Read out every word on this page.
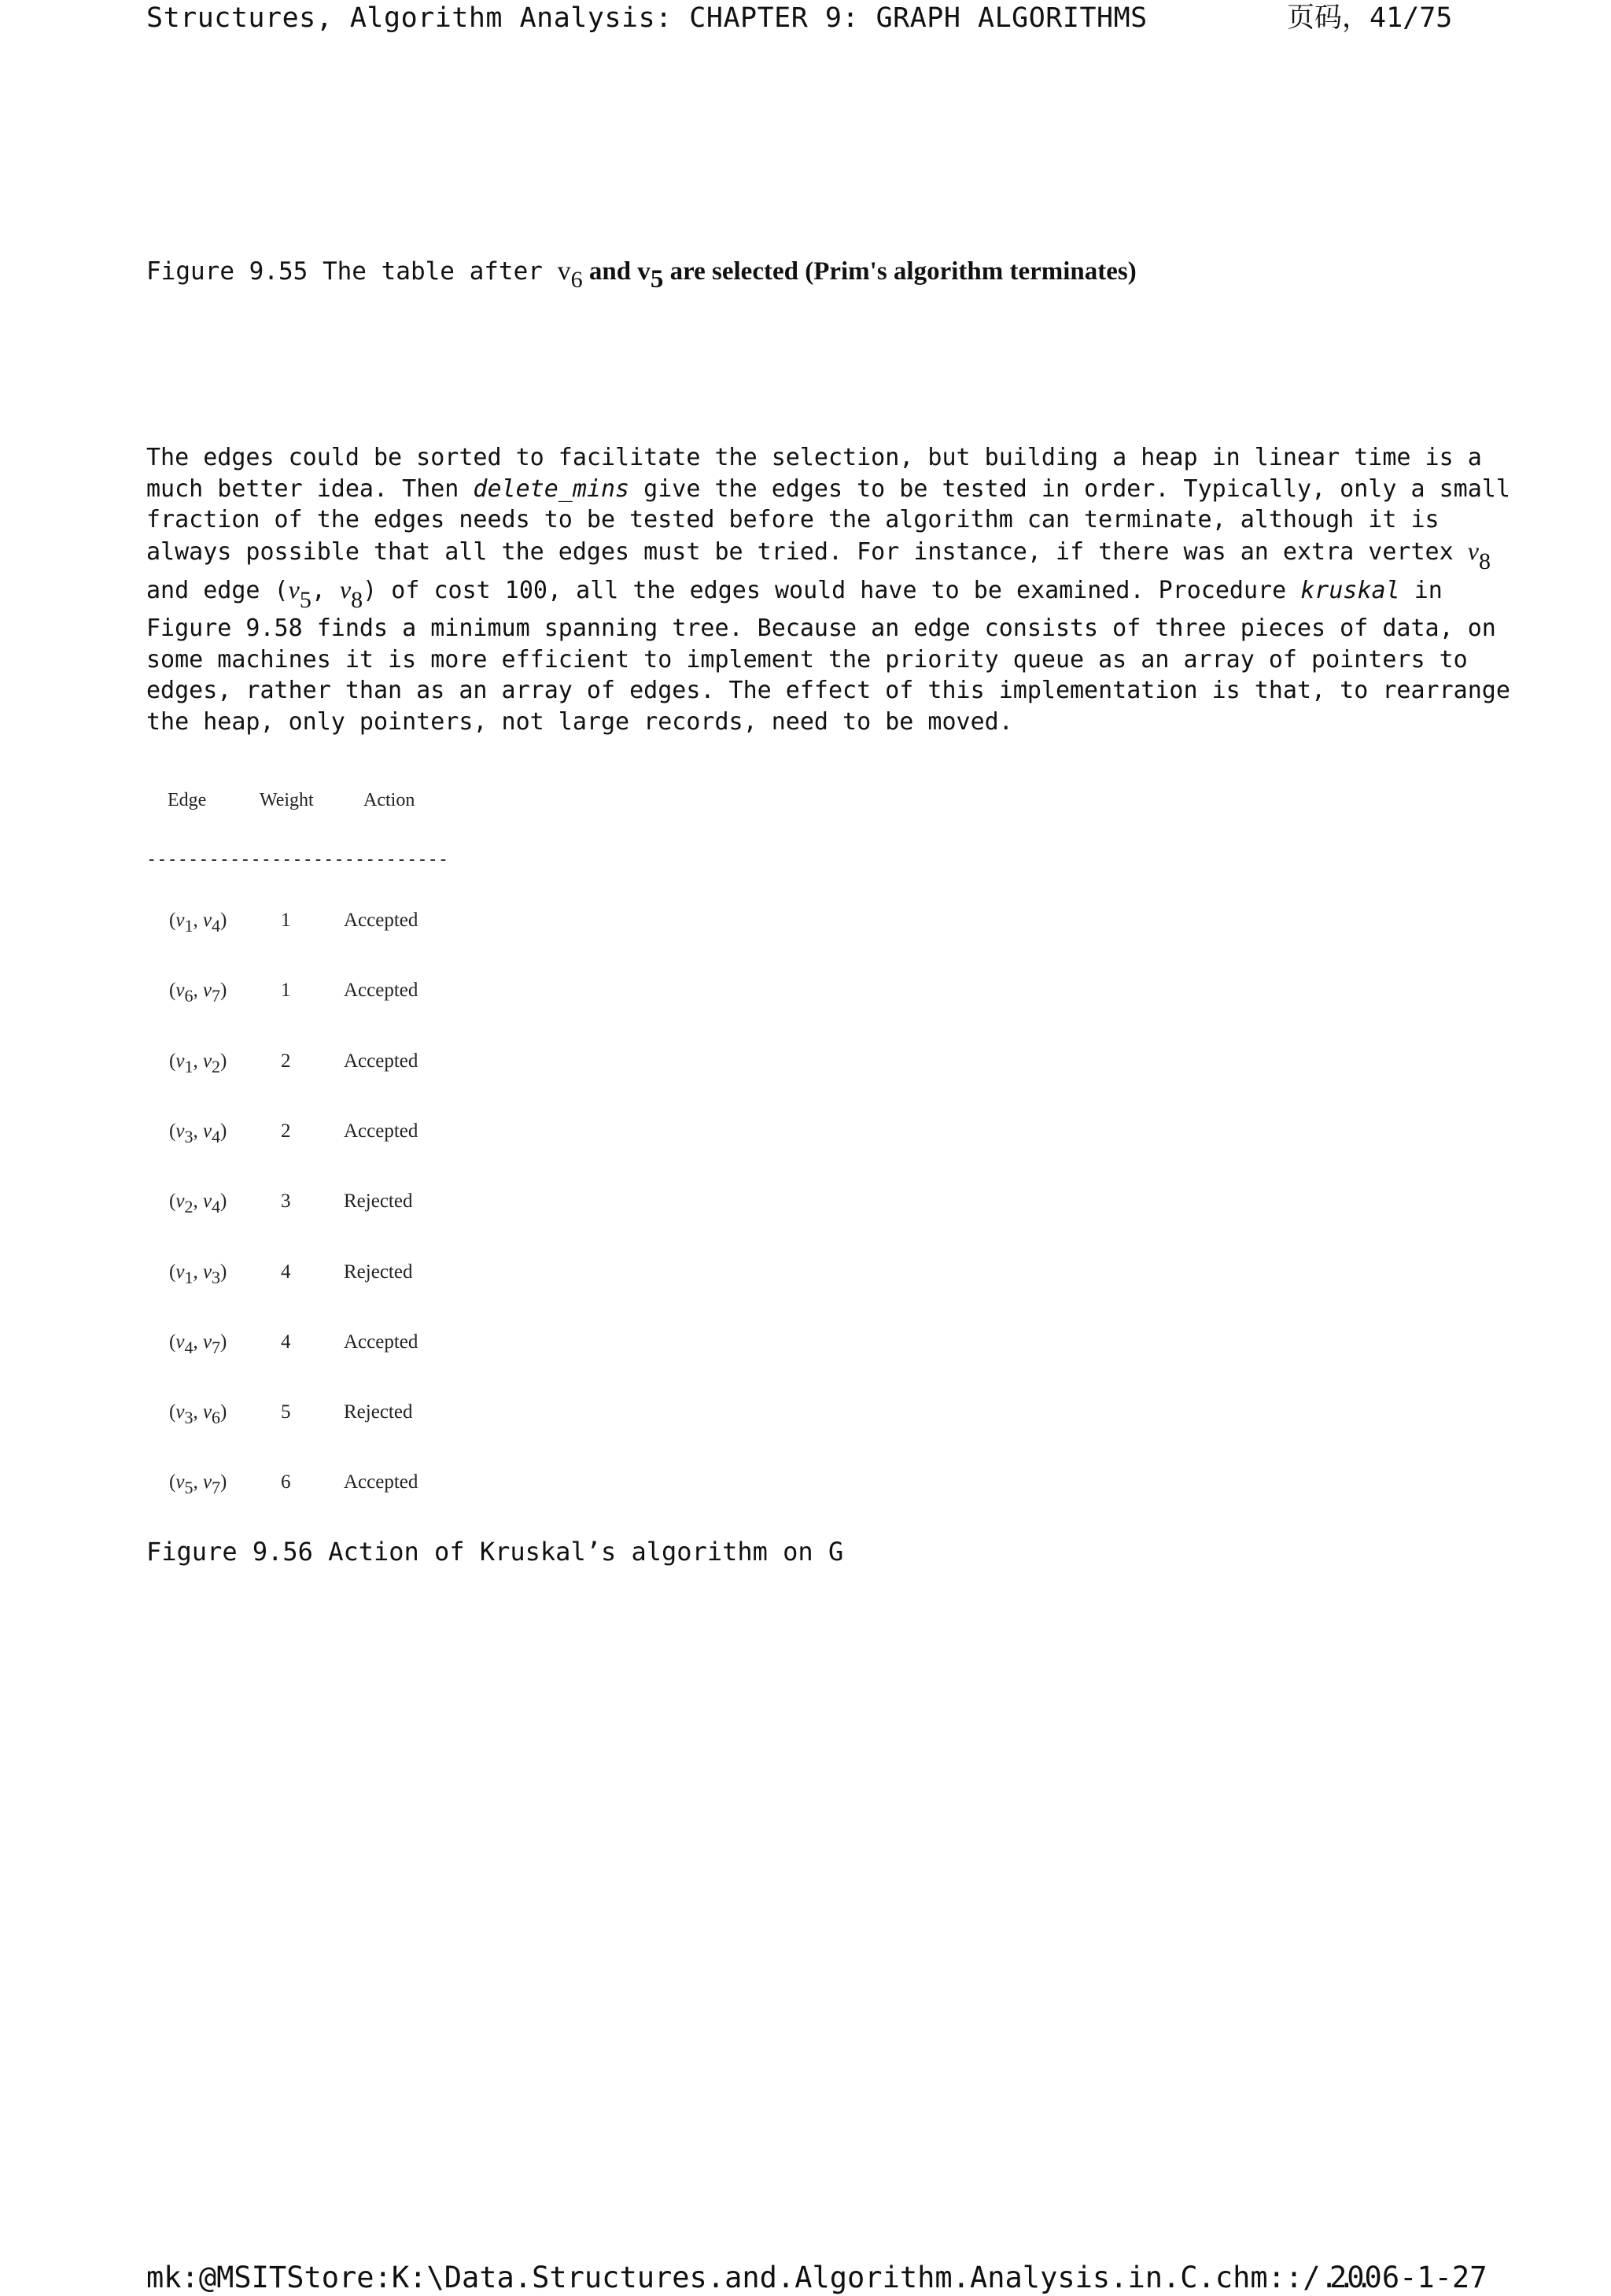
Structures, Algorithm Analysis: CHAPTER 9: GRAPH ALGORITHMS	页码，41/75
Figure 9.55 The table after $v_6$ and $v_5$ are selected (Prim's algorithm terminates)
The edges could be sorted to facilitate the selection, but building a heap in linear time is a
much better idea. Then delete_mins give the edges to be tested in order. Typically, only a small
fraction of the edges needs to be tested before the algorithm can terminate, although it is
always possible that all the edges must be tried. For instance, if there was an extra vertex $v_8$
and edge ($v_5$, $v_8$) of cost 100, all the edges would have to be examined. Procedure kruskal in
Figure 9.58 finds a minimum spanning tree. Because an edge consists of three pieces of data, on
some machines it is more efficient to implement the priority queue as an array of pointers to
edges, rather than as an array of edges. The effect of this implementation is that, to rearrange
the heap, only pointers, not large records, need to be moved.
Edge	Weight	Action
-----------------------------
($v_1$, $v_4$)	1	Accepted
($v_6$, $v_7$)	1	Accepted
($v_1$, $v_2$)	2	Accepted
($v_3$, $v_4$)	2	Accepted
($v_2$, $v_4$)	3	Rejected
($v_1$, $v_3$)	4	Rejected
($v_4$, $v_7$)	4	Accepted
($v_3$, $v_6$)	5	Rejected
($v_5$, $v_7$)	6	Accepted
Figure 9.56 Action of Kruskal’s algorithm on G
mk:@MSITStore:K:\Data.Structures.and.Algorithm.Analysis.in.C.chm::/...
2006-1-27
